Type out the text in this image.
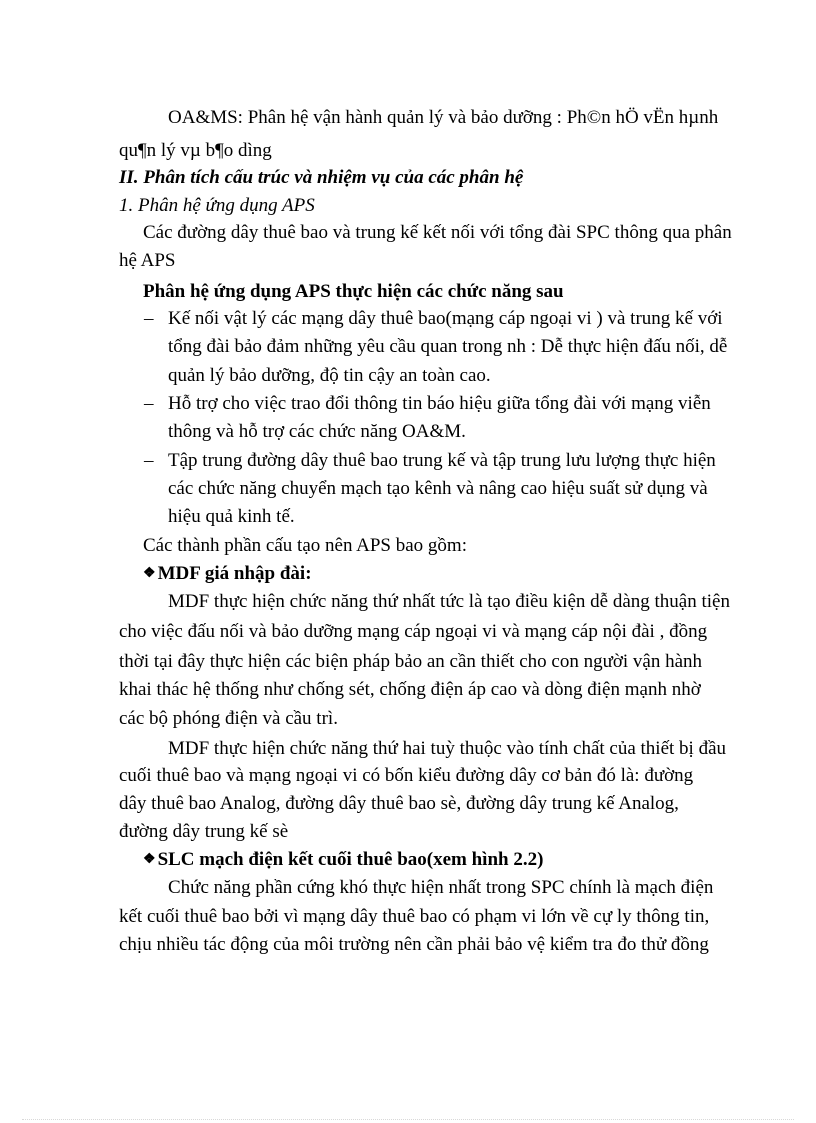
OA&MS: Phân hệ vận hành quản lý và bảo dưỡng : Ph©n hÖ vËn hµnh
qu¶n lý vµ b¶o dìng
II. Phân tích cấu trúc và nhiệm vụ của các phân hệ
1. Phân hệ ứng dụng APS
Các đường dây thuê bao và trung kế kết nối với tổng đài SPC thông qua phân
hệ APS
Phân hệ ứng dụng APS thực hiện các chức năng sau
– Kế nối vật lý các mạng dây thuê bao(mạng cáp ngoại vi ) và trung kế với
tổng đài bảo đảm những yêu cầu quan trong nh : Dễ thực hiện đấu nối, dễ
quản lý bảo dưỡng, độ tin cậy an toàn cao.
– Hỗ trợ cho việc trao đổi thông tin báo hiệu giữa tổng đài với mạng viễn
thông và hỗ trợ các chức năng OA&M.
– Tập trung đường dây thuê bao trung kế và tập trung lưu lượng thực hiện
các chức năng chuyển mạch tạo kênh và nâng cao hiệu suất sử dụng và
hiệu quả kinh tế.
Các thành phần cấu tạo nên APS bao gồm:
❖ MDF giá nhập đài:
MDF thực hiện chức năng thứ nhất tức là tạo điều kiện dễ dàng thuận tiện
cho việc đấu nối và bảo dưỡng mạng cáp ngoại vi và mạng cáp nội đài , đồng
thời tại đây thực hiện các biện pháp bảo an cần thiết cho con người vận hành
khai thác hệ thống như chống sét, chống điện áp cao và dòng điện mạnh nhờ
các bộ phóng điện và cầu trì.
MDF thực hiện chức năng thứ hai tuỳ thuộc vào tính chất của thiết bị đầu
cuối thuê bao và mạng ngoại vi có bốn kiểu đường dây cơ bản đó là: đường
dây thuê bao Analog, đường dây thuê bao sè, đường dây trung kế Analog,
đường dây trung kế sè
❖ SLC mạch điện kết cuối thuê bao(xem hình 2.2)
Chức năng phần cứng khó thực hiện nhất trong SPC chính là mạch điện
kết cuối thuê bao bởi vì mạng dây thuê bao có phạm vi lớn về cự ly thông tin,
chịu nhiều tác động của môi trường nên cần phải bảo vệ kiểm tra đo thử đồng
